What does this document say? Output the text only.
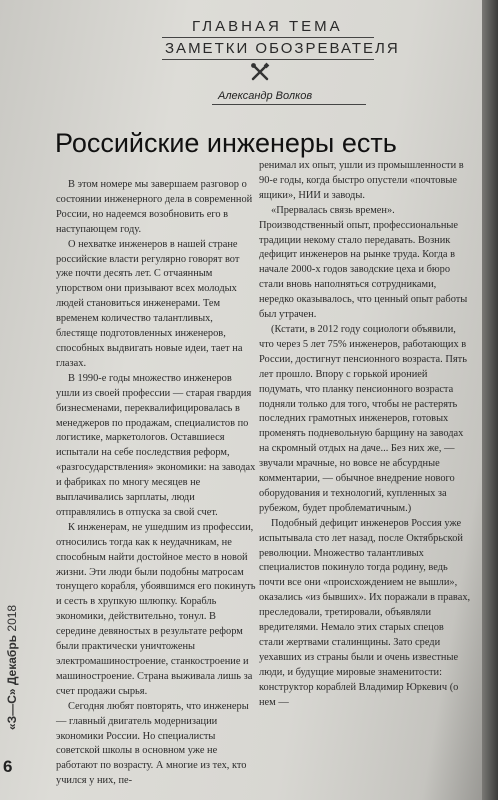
ГЛАВНАЯ ТЕМА
ЗАМЕТКИ ОБОЗРЕВАТЕЛЯ
Александр Волков
Российские инженеры есть

В этом номере мы завершаем разговор о состоянии инженерного дела в современной России, но надеемся возобновить его в наступающем году.

О нехватке инженеров в нашей стране российские власти регулярно говорят вот уже почти десять лет. С отчаянным упорством они призывают всех молодых людей становиться инженерами. Тем временем количество талантливых, блестяще подготовленных инженеров, способных выдвигать новые идеи, тает на глазах.

В 1990-е годы множество инженеров ушли из своей профессии — старая гвардия бизнесменами, переквалифицировалась в менеджеров по продажам, специалистов по логистике, маркетологов. Оставшиеся испытали на себе последствия реформ, «разгосударствления» экономики: на заводах и фабриках по многу месяцев не выплачивались зарплаты, люди отправлялись в отпуска за свой счет.

К инженерам, не ушедшим из профессии, относились тогда как к неудачникам, не способным найти достойное место в новой жизни. Эти люди были подобны матросам тонущего корабля, убоявшимся его покинуть и сесть в хрупкую шлюпку. Корабль экономики, действительно, тонул. В середине девяностых в результате реформ были практически уничтожены электромашиностроение, станкостроение и машиностроение. Страна выживала лишь за счет продажи сырья.

Сегодня любят повторять, что инженеры — главный двигатель модернизации экономики России. Но специалисты советской школы в основном уже не работают по возрасту. А многие из тех, кто учился у них, пе-

ренимал их опыт, ушли из промышленности в 90-е годы, когда быстро опустели «почтовые ящики», НИИ и заводы.

«Прервалась связь времен». Производственный опыт, профессиональные традиции некому стало передавать. Возник дефицит инженеров на рынке труда. Когда в начале 2000-х годов заводские цеха и бюро стали вновь наполняться сотрудниками, нередко оказывалось, что ценный опыт работы был утрачен.

(Кстати, в 2012 году социологи объявили, что через 5 лет 75% инженеров, работающих в России, достигнут пенсионного возраста. Пять лет прошло. Впору с горькой иронией подумать, что планку пенсионного возраста подняли только для того, чтобы не растерять последних грамотных инженеров, готовых променять подневольную барщину на заводах на скромный отдых на даче... Без них же, — звучали мрачные, но вовсе не абсурдные комментарии, — обычное внедрение нового оборудования и технологий, купленных за рубежом, будет проблематичным.)

Подобный дефицит инженеров Россия уже испытывала сто лет назад, после Октябрьской революции. Множество талантливых специалистов покинуло тогда родину, ведь почти все они «происхождением не вышли», оказались «из бывших». Их поражали в правах, преследовали, третировали, объявляли вредителями. Немало этих старых спецов стали жертвами сталинщины. Зато среди уехавших из страны были и очень известные люди, и будущие мировые знаменитости: конструктор кораблей Владимир Юркевич (о нем —

«З—С» Декабрь 2018
6
